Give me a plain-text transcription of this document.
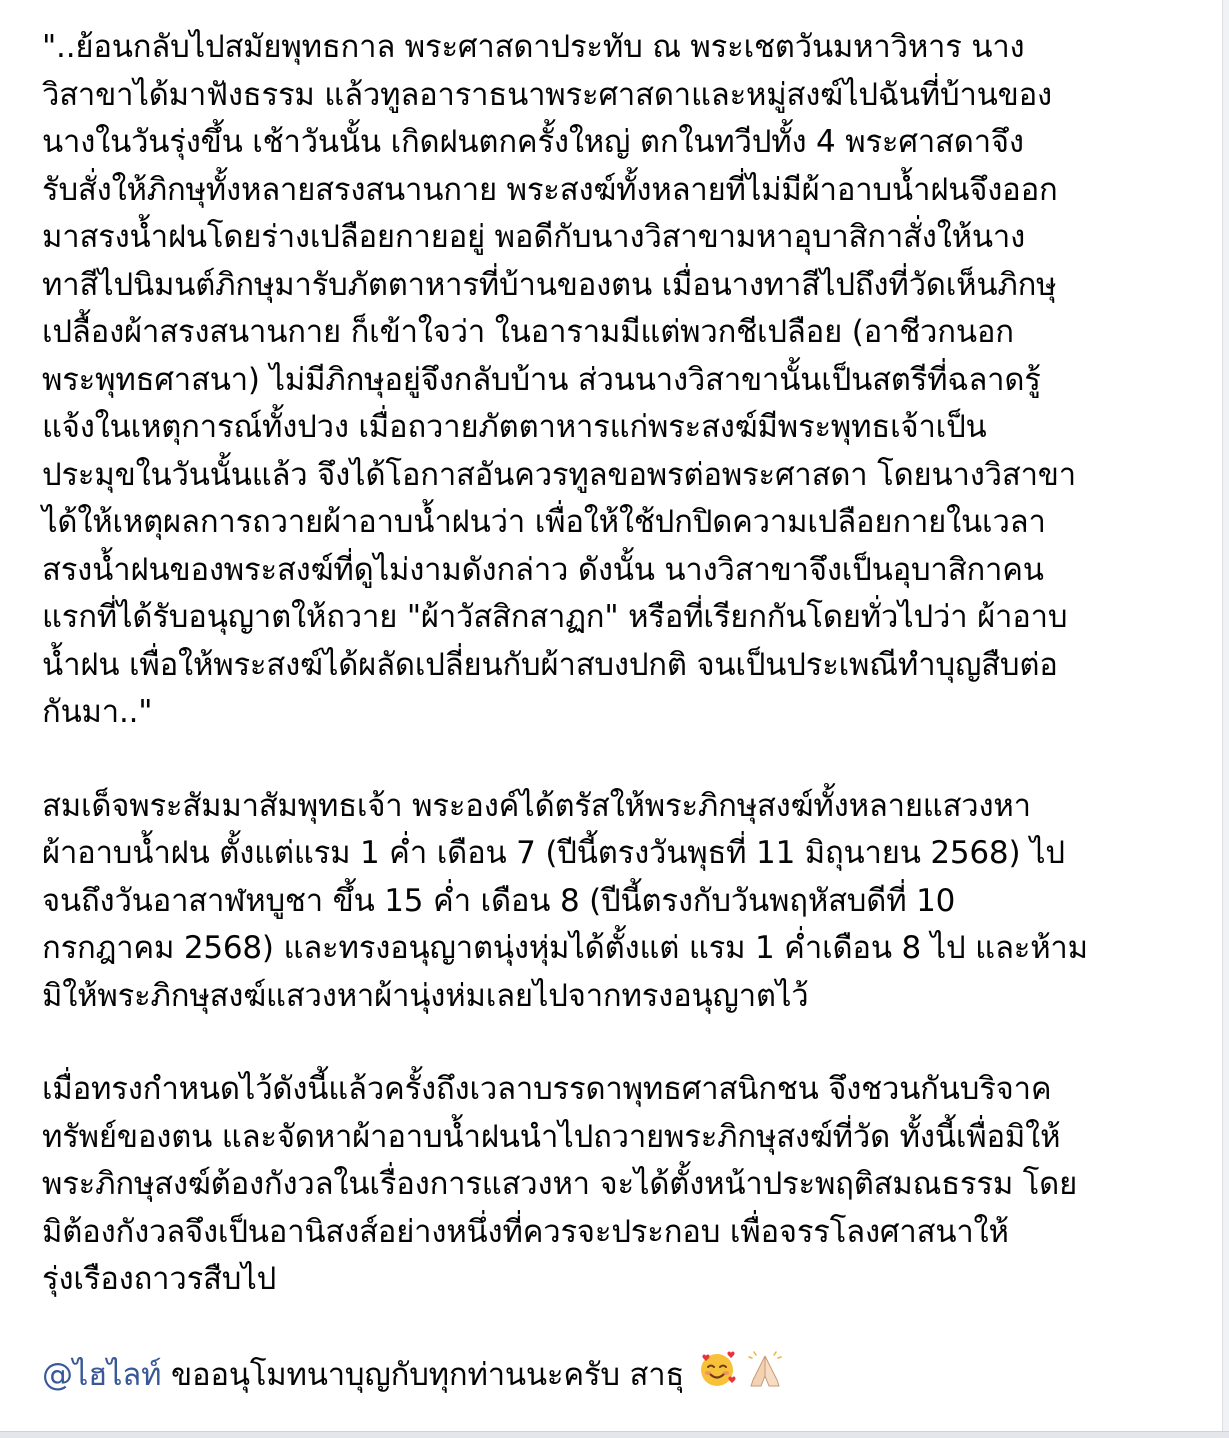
"..ย้อนกลับไปสมัยพุทธกาล พระศาสดาประทับ ณ พระเชตวันมหาวิหาร นาง
วิสาขาได้มาฟังธรรม แล้วทูลอาราธนาพระศาสดาและหมู่สงฆ์ไปฉันที่บ้านของ
นางในวันรุ่งขึ้น เช้าวันนั้น เกิดฝนตกครั้งใหญ่ ตกในทวีปทั้ง 4 พระศาสดาจึง
รับสั่งให้ภิกษุทั้งหลายสรงสนานกาย พระสงฆ์ทั้งหลายที่ไม่มีผ้าอาบน้ำฝนจึงออก
มาสรงน้ำฝนโดยร่างเปลือยกายอยู่ พอดีกับนางวิสาขามหาอุบาสิกาสั่งให้นาง
ทาสีไปนิมนต์ภิกษุมารับภัตตาหารที่บ้านของตน เมื่อนางทาสีไปถึงที่วัดเห็นภิกษุ
เปลื้องผ้าสรงสนานกาย ก็เข้าใจว่า ในอารามมีแต่พวกชีเปลือย (อาชีวกนอก
พระพุทธศาสนา) ไม่มีภิกษุอยู่จึงกลับบ้าน ส่วนนางวิสาขานั้นเป็นสตรีที่ฉลาดรู้
แจ้งในเหตุการณ์ทั้งปวง เมื่อถวายภัตตาหารแก่พระสงฆ์มีพระพุทธเจ้าเป็น
ประมุขในวันนั้นแล้ว จึงได้โอกาสอันควรทูลขอพรต่อพระศาสดา โดยนางวิสาขา
ได้ให้เหตุผลการถวายผ้าอาบน้ำฝนว่า เพื่อให้ใช้ปกปิดความเปลือยกายในเวลา
สรงน้ำฝนของพระสงฆ์ที่ดูไม่งามดังกล่าว ดังนั้น นางวิสาขาจึงเป็นอุบาสิกาคน
แรกที่ได้รับอนุญาตให้ถวาย "ผ้าวัสสิกสาฏก" หรือที่เรียกกันโดยทั่วไปว่า ผ้าอาบ
น้ำฝน เพื่อให้พระสงฆ์ได้ผลัดเปลี่ยนกับผ้าสบงปกติ จนเป็นประเพณีทำบุญสืบต่อ
กันมา.."
สมเด็จพระสัมมาสัมพุทธเจ้า พระองค์ได้ตรัสให้พระภิกษุสงฆ์ทั้งหลายแสวงหา
ผ้าอาบน้ำฝน ตั้งแต่แรม 1 ค่ำ เดือน 7 (ปีนี้ตรงวันพุธที่ 11 มิถุนายน 2568) ไป
จนถึงวันอาสาฬหบูชา ขึ้น 15 ค่ำ เดือน 8 (ปีนี้ตรงกับวันพฤหัสบดีที่ 10
กรกฎาคม 2568) และทรงอนุญาตนุ่งหุ่มได้ตั้งแต่ แรม 1 ค่ำเดือน 8 ไป และห้าม
มิให้พระภิกษุสงฆ์แสวงหาผ้านุ่งห่มเลยไปจากทรงอนุญาตไว้
เมื่อทรงกำหนดไว้ดังนี้แล้วครั้งถึงเวลาบรรดาพุทธศาสนิกชน จึงชวนกันบริจาค
ทรัพย์ของตน และจัดหาผ้าอาบน้ำฝนนำไปถวายพระภิกษุสงฆ์ที่วัด ทั้งนี้เพื่อมิให้
พระภิกษุสงฆ์ต้องกังวลในเรื่องการแสวงหา จะได้ตั้งหน้าประพฤติสมณธรรม โดย
มิต้องกังวลจึงเป็นอานิสงส์อย่างหนึ่งที่ควรจะประกอบ เพื่อจรรโลงศาสนาให้
รุ่งเรืองถาวรสืบไป
@ไฮไลท์ ขออนุโมทนาบุญกับทุกท่านนะครับ สาธุ
